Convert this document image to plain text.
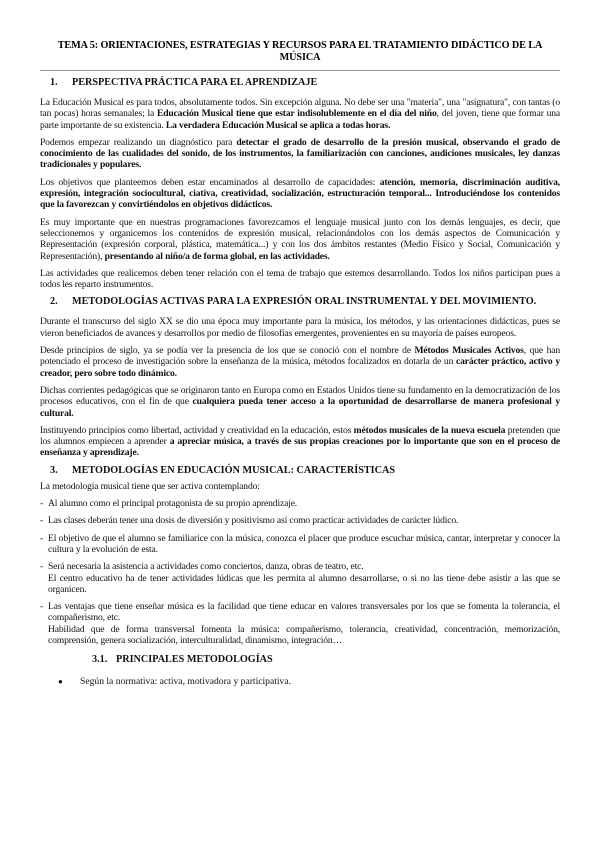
TEMA 5: ORIENTACIONES, ESTRATEGIAS Y RECURSOS PARA EL TRATAMIENTO DIDÁCTICO DE LA MÚSICA
1.	PERSPECTIVA PRÁCTICA PARA EL APRENDIZAJE

La Educación Musical es para todos, absolutamente todos. Sin excepción alguna. No debe ser una "materia", una "asignatura", con tantas (o tan pocas) horas semanales; la Educación Musical tiene que estar indisolublemente en el día del niño, del joven, tiene que formar una parte importante de su existencia. La verdadera Educación Musical se aplica a todas horas.

Podemos empezar realizando un diagnóstico para detectar el grado de desarrollo de la presión musical, observando el grado de conocimiento de las cualidades del sonido, de los instrumentos, la familiarización con canciones, audiciones musicales, ley danzas tradicionales y populares.

Los objetivos que planteemos deben estar encaminados al desarrollo de capacidades: atención, memoria, discriminación auditiva, expresión, integración sociocultural, ciativa, creatividad, socialización, estructuración temporal... Introduciéndose los contenidos que la favorezcan y convirtiéndolos en objetivos didácticos.

Es muy importante que en nuestras programaciones favorezcamos el lenguaje musical junto con los demás lenguajes, es decir, que seleccionemos y organicemos los contenidos de expresión musical, relacionándolos con los demás aspectos de Comunicación y Representación (expresión corporal, plástica, matemática...) y con los dos ámbitos restantes (Medio Físico y Social, Comunicación y Representación), presentando al niño/a de forma global, en las actividades.

Las actividades que realicemos deben tener relación con el tema de trabajo que estemos desarrollando. Todos los niños participan pues a todos les reparto instrumentos.

2.	METODOLOGÍAS ACTIVAS PARA LA EXPRESIÓN ORAL INSTRUMENTAL Y DEL MOVIMIENTO.

Durante el transcurso del siglo XX se dio una época muy importante para la música, los métodos, y las orientaciones didácticas, pues se vieron beneficiados de avances y desarrollos por medio de filosofías emergentes, provenientes en su mayoría de países europeos.

Desde principios de siglo, ya se podía ver la presencia de los que se conoció con el nombre de Métodos Musicales Activos, que han potenciado el proceso de investigación sobre la enseñanza de la música, métodos focalizados en dotarla de un carácter práctico, activo y creador, pero sobre todo dinámico.

Dichas corrientes pedagógicas que se originaron tanto en Europa como en Estados Unidos tiene su fundamento en la democratización de los procesos educativos, con el fin de que cualquiera pueda tener acceso a la oportunidad de desarrollarse de manera profesional y cultural.

Instituyendo principios como libertad, actividad y creatividad en la educación, estos métodos musicales de la nueva escuela pretenden que los alumnos empiecen a aprender a apreciar música, a través de sus propias creaciones por lo importante que son en el proceso de enseñanza y aprendizaje.

3.	METODOLOGÍAS EN EDUCACIÓN MUSICAL: CARACTERÍSTICAS

La metodología musical tiene que ser activa contemplando:

- Al alumno como el principal protagonista de su propio aprendizaje.
- Las clases deberán tener una dosis de diversión y positivismo así como practicar actividades de carácter lúdico.
- El objetivo de que el alumno se familiarice con la música, conozca el placer que produce escuchar música, cantar, interpretar y conocer la cultura y la evolución de esta.
- Será necesaria la asistencia a actividades como conciertos, danza, obras de teatro, etc.
El centro educativo ha de tener actividades lúdicas que les permita al alumno desarrollarse, o si no las tiene debe asistir a las que se organicen.
- Las ventajas que tiene enseñar música es la facilidad que tiene educar en valores transversales por los que se fomenta la tolerancia, el compañerismo, etc.
Habilidad que de forma transversal fomenta la música: compañerismo, tolerancia, creatividad, concentración, memorización, comprensión, genera socialización, interculturalidad, dinamismo, integración…
3.1. PRINCIPALES METODOLOGÍAS
●	Según la normativa: activa, motivadora y participativa.
